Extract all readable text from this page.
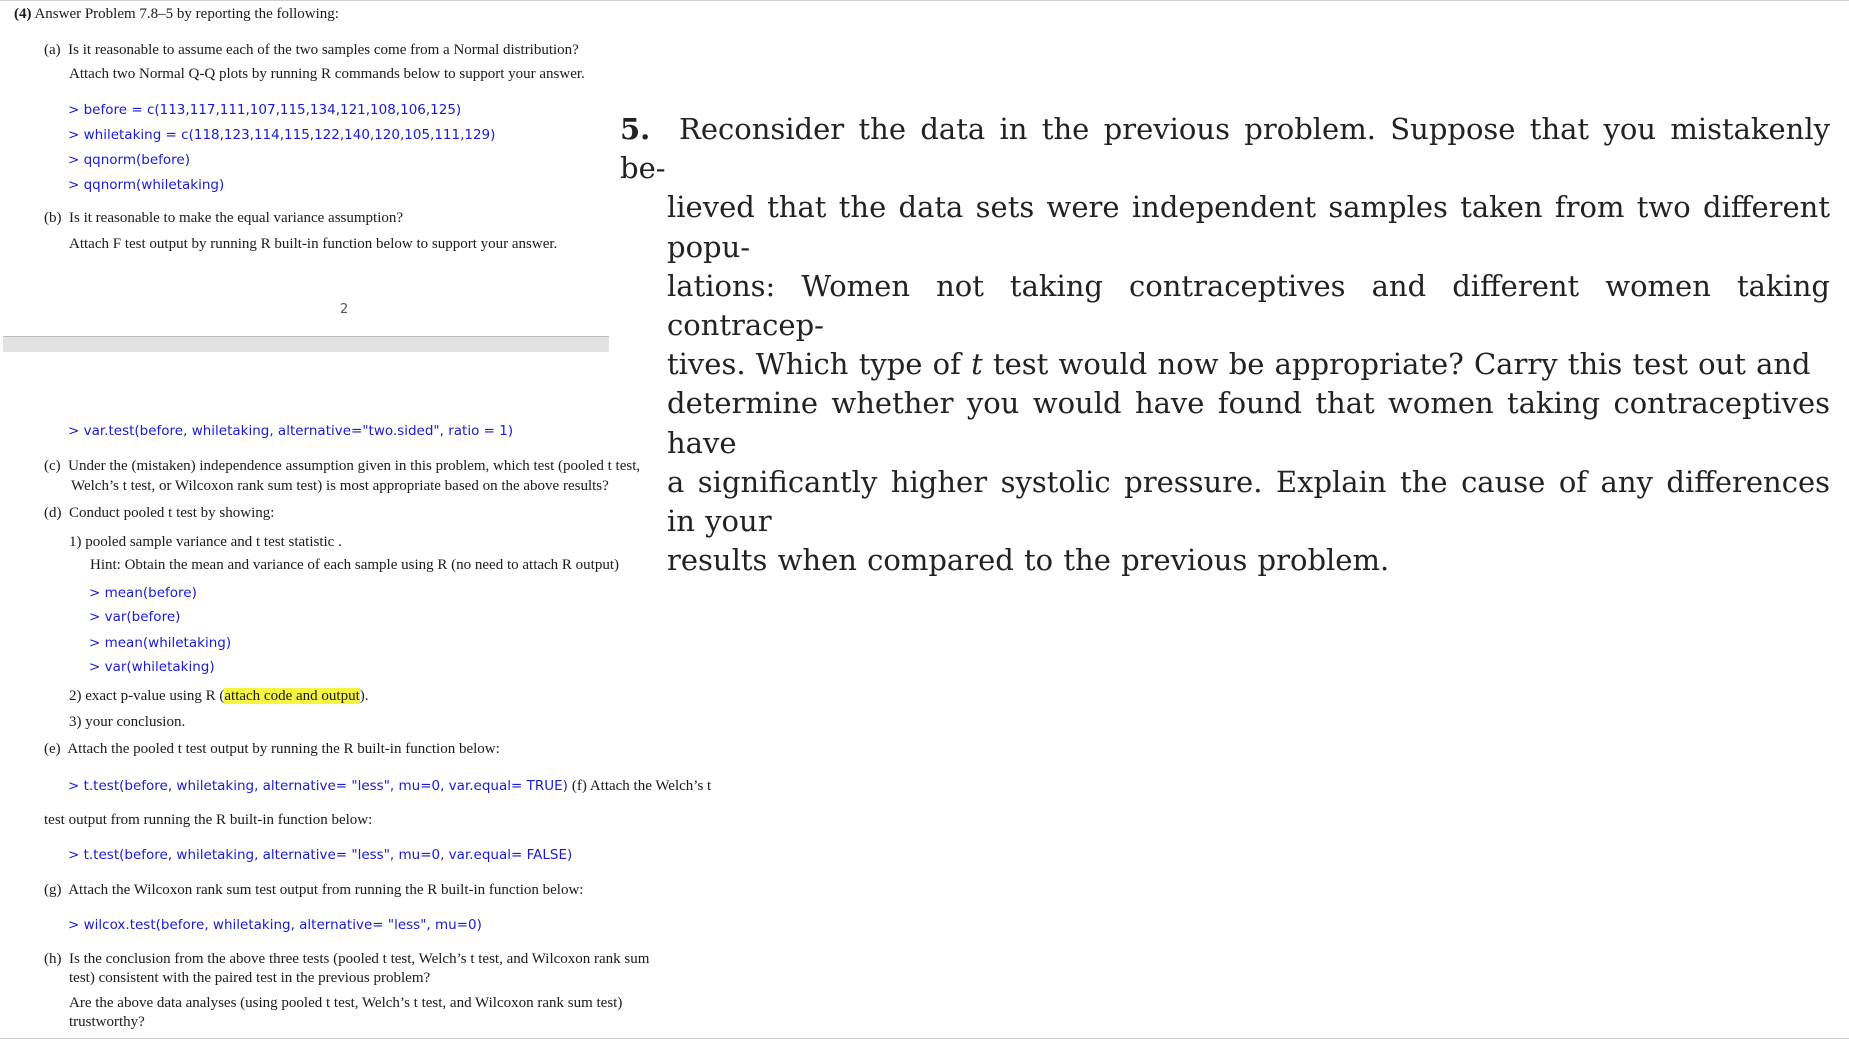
(4) Answer Problem 7.8–5 by reporting the following:
(a) Is it reasonable to assume each of the two samples come from a Normal distribution?
Attach two Normal Q-Q plots by running R commands below to support your answer.
> before = c(113,117,111,107,115,134,121,108,106,125)
> whiletaking = c(118,123,114,115,122,140,120,105,111,129)
> qqnorm(before)
> qqnorm(whiletaking)
(b) Is it reasonable to make the equal variance assumption?
Attach F test output by running R built-in function below to support your answer.
2
> var.test(before, whiletaking, alternative="two.sided", ratio = 1)
(c) Under the (mistaken) independence assumption given in this problem, which test (pooled t test,
Welch’s t test, or Wilcoxon rank sum test) is most appropriate based on the above results?
(d) Conduct pooled t test by showing:
1) pooled sample variance and t test statistic .
Hint: Obtain the mean and variance of each sample using R (no need to attach R output)
> mean(before)
> var(before)
> mean(whiletaking)
> var(whiletaking)
2) exact p-value using R (attach code and output).
3) your conclusion.
(e) Attach the pooled t test output by running the R built-in function below:
> t.test(before, whiletaking, alternative= "less", mu=0, var.equal= TRUE) (f) Attach the Welch’s t
test output from running the R built-in function below:
> t.test(before, whiletaking, alternative= "less", mu=0, var.equal= FALSE)
(g) Attach the Wilcoxon rank sum test output from running the R built-in function below:
> wilcox.test(before, whiletaking, alternative= "less", mu=0)
(h) Is the conclusion from the above three tests (pooled t test, Welch’s t test, and Wilcoxon rank sum
test) consistent with the paired test in the previous problem?
Are the above data analyses (using pooled t test, Welch’s t test, and Wilcoxon rank sum test)
trustworthy?
5. Reconsider the data in the previous problem. Suppose that you mistakenly be-
lieved that the data sets were independent samples taken from two different popu-
lations: Women not taking contraceptives and different women taking contracep-
tives. Which type of t test would now be appropriate? Carry this test out and
determine whether you would have found that women taking contraceptives have
a significantly higher systolic pressure. Explain the cause of any differences in your
results when compared to the previous problem.
